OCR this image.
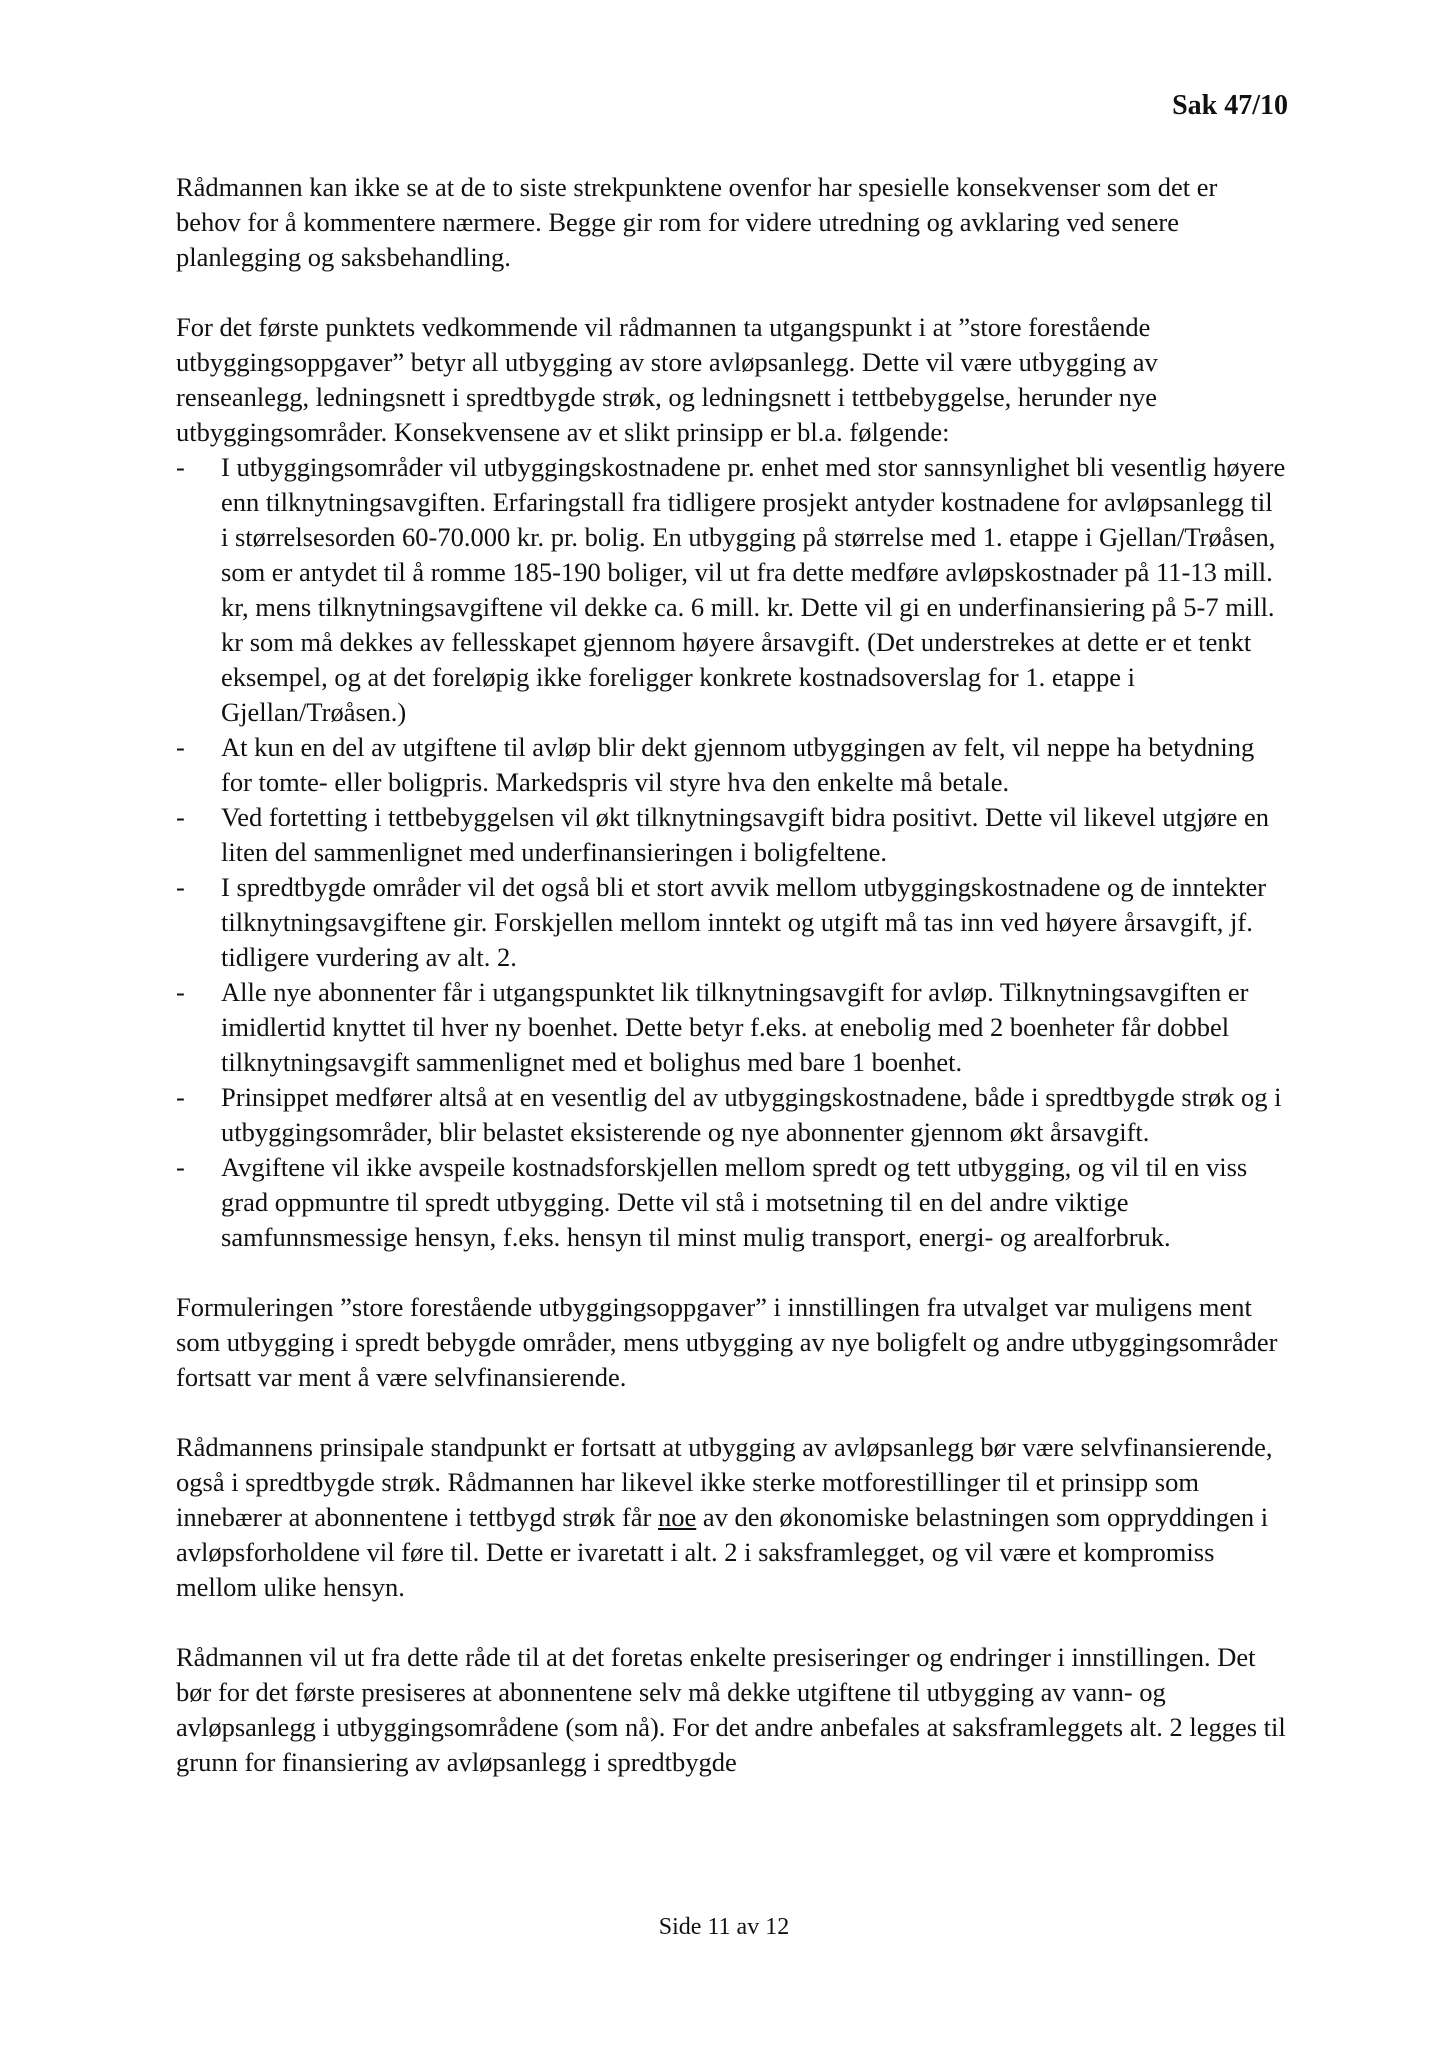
Sak 47/10

Rådmannen kan ikke se at de to siste strekpunktene ovenfor har spesielle konsekvenser som det er behov for å kommentere nærmere. Begge gir rom for videre utredning og avklaring ved senere planlegging og saksbehandling.

For det første punktets vedkommende vil rådmannen ta utgangspunkt i at ”store forestående utbyggingsoppgaver” betyr all utbygging av store avløpsanlegg. Dette vil være utbygging av renseanlegg, ledningsnett i spredtbygde strøk, og ledningsnett i tettbebyggelse, herunder nye utbyggingsområder. Konsekvensene av et slikt prinsipp er bl.a. følgende:

- I utbyggingsområder vil utbyggingskostnadene pr. enhet med stor sannsynlighet bli vesentlig høyere enn tilknytningsavgiften. Erfaringstall fra tidligere prosjekt antyder kostnadene for avløpsanlegg til i størrelsesorden 60-70.000 kr. pr. bolig. En utbygging på størrelse med 1. etappe i Gjellan/Trøåsen, som er antydet til å romme 185-190 boliger, vil ut fra dette medføre avløpskostnader på 11-13 mill. kr, mens tilknytningsavgiftene vil dekke ca. 6 mill. kr. Dette vil gi en underfinansiering på 5-7 mill. kr som må dekkes av fellesskapet gjennom høyere årsavgift. (Det understrekes at dette er et tenkt eksempel, og at det foreløpig ikke foreligger konkrete kostnadsoverslag for 1. etappe i Gjellan/Trøåsen.)
- At kun en del av utgiftene til avløp blir dekt gjennom utbyggingen av felt, vil neppe ha betydning for tomte- eller boligpris. Markedspris vil styre hva den enkelte må betale.
- Ved fortetting i tettbebyggelsen vil økt tilknytningsavgift bidra positivt. Dette vil likevel utgjøre en liten del sammenlignet med underfinansieringen i boligfeltene.
- I spredtbygde områder vil det også bli et stort avvik mellom utbyggingskostnadene og de inntekter tilknytningsavgiftene gir. Forskjellen mellom inntekt og utgift må tas inn ved høyere årsavgift, jf. tidligere vurdering av alt. 2.
- Alle nye abonnenter får i utgangspunktet lik tilknytningsavgift for avløp. Tilknytningsavgiften er imidlertid knyttet til hver ny boenhet. Dette betyr f.eks. at enebolig med 2 boenheter får dobbel tilknytningsavgift sammenlignet med et bolighus med bare 1 boenhet.
- Prinsippet medfører altså at en vesentlig del av utbyggingskostnadene, både i spredtbygde strøk og i utbyggingsområder, blir belastet eksisterende og nye abonnenter gjennom økt årsavgift.
- Avgiftene vil ikke avspeile kostnadsforskjellen mellom spredt og tett utbygging, og vil til en viss grad oppmuntre til spredt utbygging. Dette vil stå i motsetning til en del andre viktige samfunnsmessige hensyn, f.eks. hensyn til minst mulig transport, energi- og arealforbruk.

Formuleringen ”store forestående utbyggingsoppgaver” i innstillingen fra utvalget var muligens ment som utbygging i spredt bebygde områder, mens utbygging av nye boligfelt og andre utbyggingsområder fortsatt var ment å være selvfinansierende.

Rådmannens prinsipale standpunkt er fortsatt at utbygging av avløpsanlegg bør være selvfinansierende, også i spredtbygde strøk. Rådmannen har likevel ikke sterke motforestillinger til et prinsipp som innebærer at abonnentene i tettbygd strøk får noe av den økonomiske belastningen som oppryddingen i avløpsforholdene vil føre til. Dette er ivaretatt i alt. 2 i saksframlegget, og vil være et kompromiss mellom ulike hensyn.

Rådmannen vil ut fra dette råde til at det foretas enkelte presiseringer og endringer i innstillingen. Det bør for det første presiseres at abonnentene selv må dekke utgiftene til utbygging av vann- og avløpsanlegg i utbyggingsområdene (som nå). For det andre anbefales at saksframleggets alt. 2 legges til grunn for finansiering av avløpsanlegg i spredtbygde

Side 11 av 12
